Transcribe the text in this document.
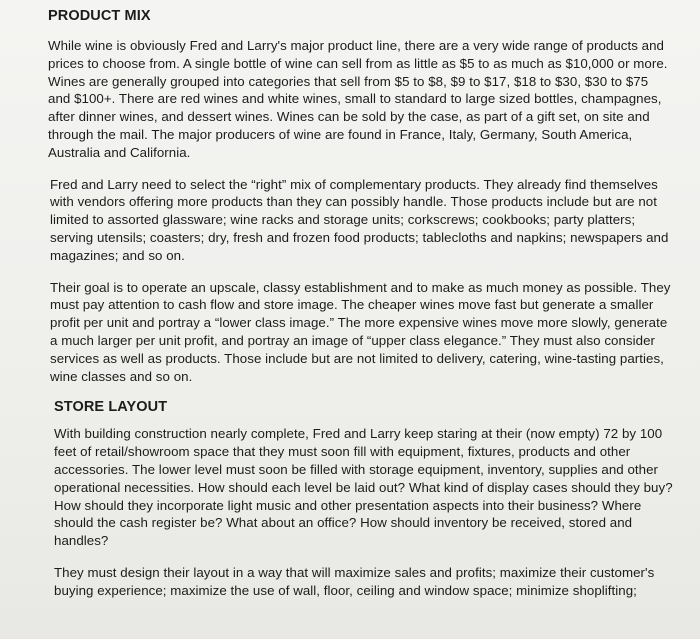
PRODUCT MIX

While wine is obviously Fred and Larry's major product line, there are a very wide range of products and prices to choose from. A single bottle of wine can sell from as little as $5 to as much as $10,000 or more. Wines are generally grouped into categories that sell from $5 to $8, $9 to $17, $18 to $30, $30 to $75 and $100+. There are red wines and white wines, small to standard to large sized bottles, champagnes, after dinner wines, and dessert wines. Wines can be sold by the case, as part of a gift set, on site and through the mail. The major producers of wine are found in France, Italy, Germany, South America, Australia and California.

Fred and Larry need to select the “right” mix of complementary products. They already find themselves with vendors offering more products than they can possibly handle. Those products include but are not limited to assorted glassware; wine racks and storage units; corkscrews; cookbooks; party platters; serving utensils; coasters; dry, fresh and frozen food products; tablecloths and napkins; newspapers and magazines; and so on.

Their goal is to operate an upscale, classy establishment and to make as much money as possible. They must pay attention to cash flow and store image. The cheaper wines move fast but generate a smaller profit per unit and portray a “lower class image.” The more expensive wines move more slowly, generate a much larger per unit profit, and portray an image of “upper class elegance.” They must also consider services as well as products. Those include but are not limited to delivery, catering, wine-tasting parties, wine classes and so on.

STORE LAYOUT

With building construction nearly complete, Fred and Larry keep staring at their (now empty) 72 by 100 feet of retail/showroom space that they must soon fill with equipment, fixtures, products and other accessories. The lower level must soon be filled with storage equipment, inventory, supplies and other operational necessities. How should each level be laid out? What kind of display cases should they buy? How should they incorporate light music and other presentation aspects into their business? Where should the cash register be? What about an office? How should inventory be received, stored and handles?

They must design their layout in a way that will maximize sales and profits; maximize their customer's buying experience; maximize the use of wall, floor, ceiling and window space; minimize shoplifting;
